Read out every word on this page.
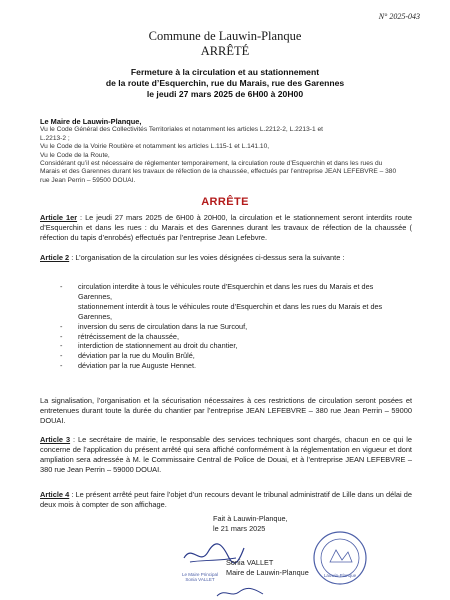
N° 2025-043
Commune de Lauwin-Planque
ARRÊTÉ
Fermeture à la circulation et au stationnement
de la route d’Esquerchin, rue du Marais, rue des Garennes
le jeudi 27 mars 2025 de 6H00 à 20H00
Le Maire de Lauwin-Planque,
Vu le Code Général des Collectivités Territoriales et notamment les articles L.2212-2, L.2213-1 et
L.2213-2 ;
Vu le Code de la Voirie Routière et notamment les articles L.115-1 et L.141.10,
Vu le Code de la Route,
Considérant qu’il est nécessaire de réglementer temporairement, la circulation route d’Esquerchin et dans les rues du
Marais et des Garennes durant les travaux de réfection de la chaussée, effectués par l’entreprise JEAN LEFEBVRE – 380
rue Jean Perrin – 59500 DOUAI.
ARRÊTE
Article 1er : Le jeudi 27 mars 2025 de 6H00 à 20H00, la circulation et le stationnement seront interdits route d’Esquerchin et dans les rues : du Marais et des Garennes durant les travaux de réfection de la chaussée ( réfection du tapis d’enrobés) effectués par l’entreprise Jean Lefebvre.
Article 2 : L’organisation de la circulation sur les voies désignées ci-dessus sera la suivante :
- circulation interdite à tous le véhicules route d’Esquerchin et dans les rues du Marais et des Garennes,
stationnement interdit à tous le véhicules route d’Esquerchin et dans les rues du Marais et des Garennes,
- inversion du sens de circulation dans la rue Surcouf,
- rétrécissement de la chaussée,
- interdiction de stationnement au droit du chantier,
- déviation par la rue du Moulin Brûlé,
- déviation par la rue Auguste Hennet.
La signalisation, l’organisation et la sécurisation nécessaires à ces restrictions de circulation seront posées et entretenues durant toute la durée du chantier par l’entreprise JEAN LEFEBVRE – 380 rue Jean Perrin – 59000 DOUAI.
Article 3 : Le secrétaire de mairie, le responsable des services techniques sont chargés, chacun en ce qui le concerne de l’application du présent arrêté qui sera affiché conformément à la réglementation en vigueur et dont ampliation sera adressée à M. le Commissaire Central de Police de Douai, et à l’entreprise JEAN LEFEBVRE – 380 rue Jean Perrin – 59000 DOUAI.
Article 4 : Le présent arrêté peut faire l’objet d’un recours devant le tribunal administratif de Lille dans un délai de deux mois à compter de son affichage.
Fait à Lauwin-Planque,
le 21 mars 2025
Sonia VALLET
Maire de Lauwin-Planque	Lauwin-Planque
Le Maire Principal
Sonia VALLET
